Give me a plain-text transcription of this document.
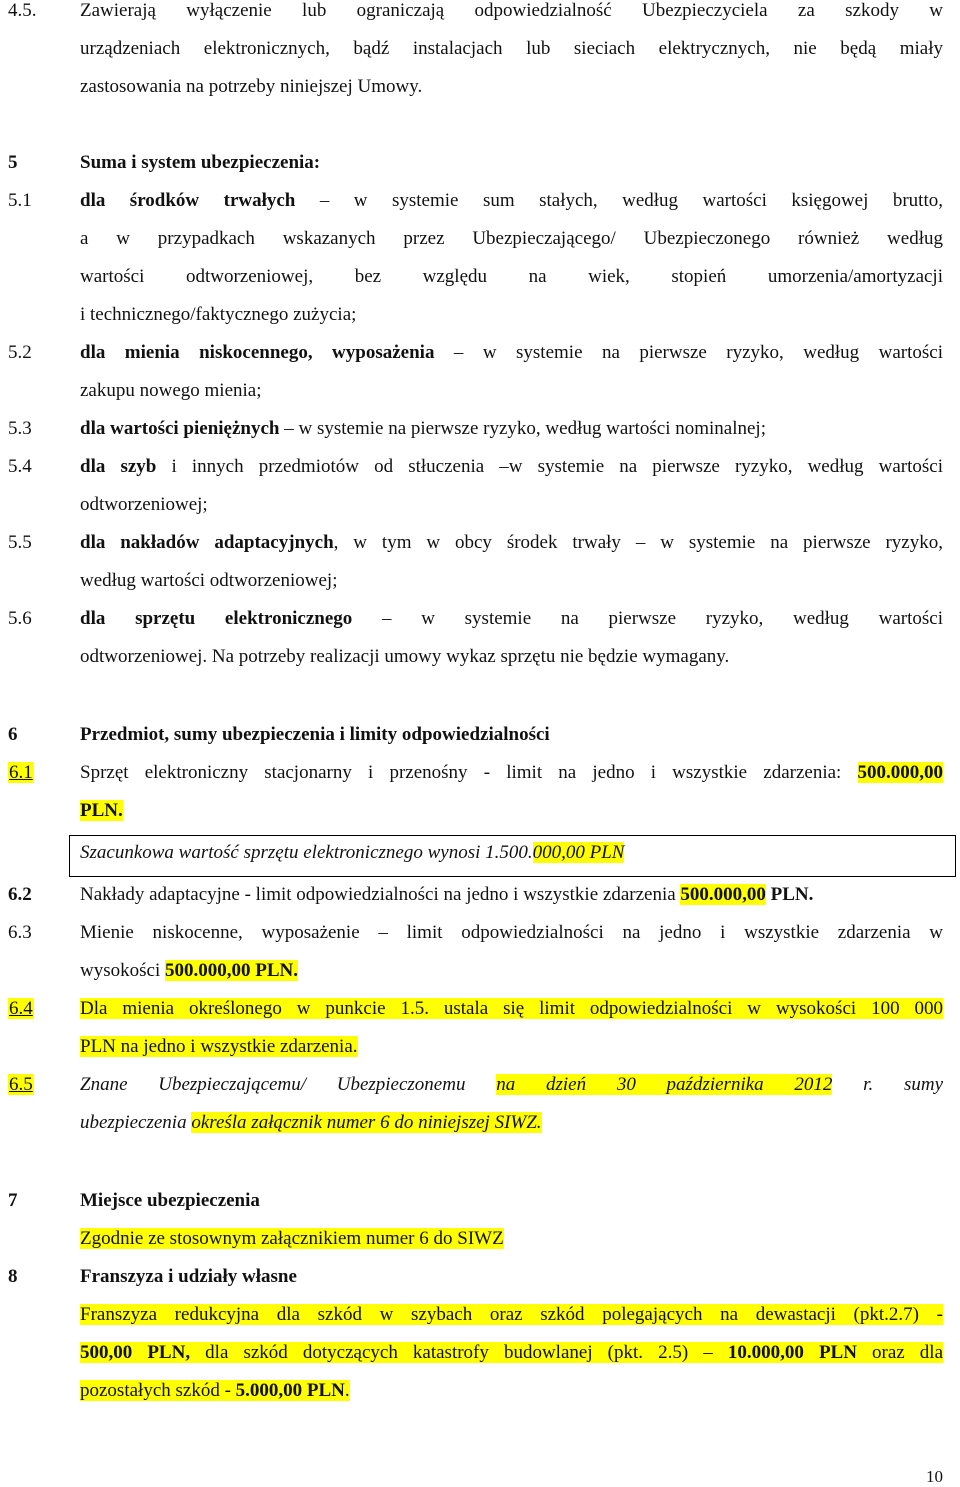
4.5. Zawierają wyłączenie lub ograniczają odpowiedzialność Ubezpieczyciela za szkody w
urządzeniach elektronicznych, bądź instalacjach lub sieciach elektrycznych, nie będą miały
zastosowania na potrzeby niniejszej Umowy.
5	Suma i system ubezpieczenia:
5.1	dla środków trwałych – w systemie sum stałych, według wartości księgowej brutto,
a w przypadkach wskazanych przez Ubezpieczającego/ Ubezpieczonego również według
wartości odtworzeniowej, bez względu na wiek, stopień umorzenia/amortyzacji
i technicznego/faktycznego zużycia;
5.2	dla mienia niskocennego, wyposażenia – w systemie na pierwsze ryzyko, według wartości
zakupu nowego mienia;
5.3	dla wartości pieniężnych – w systemie na pierwsze ryzyko, według wartości nominalnej;
5.4	dla szyb i innych przedmiotów od stłuczenia –w systemie na pierwsze ryzyko, według wartości
odtworzeniowej;
5.5	dla nakładów adaptacyjnych, w tym w obcy środek trwały – w systemie na pierwsze ryzyko,
według wartości odtworzeniowej;
5.6	dla sprzętu elektronicznego – w systemie na pierwsze ryzyko, według wartości
odtworzeniowej. Na potrzeby realizacji umowy wykaz sprzętu nie będzie wymagany.
6	Przedmiot, sumy ubezpieczenia i limity odpowiedzialności
6.1 Sprzęt elektroniczny stacjonarny i przenośny - limit na jedno i wszystkie zdarzenia: 500.000,00
PLN.
Szacunkowa wartość sprzętu elektronicznego wynosi 1.500.000,00 PLN
6.2	Nakłady adaptacyjne - limit odpowiedzialności na jedno i wszystkie zdarzenia 500.000,00 PLN.
6.3	Mienie niskocenne, wyposażenie – limit odpowiedzialności na jedno i wszystkie zdarzenia w
wysokości 500.000,00 PLN.
6.4 Dla mienia określonego w punkcie 1.5. ustala się limit odpowiedzialności w wysokości 100 000
PLN na jedno i wszystkie zdarzenia.
6.5 Znane Ubezpieczającemu/ Ubezpieczonemu na dzień 30 października 2012 r. sumy
ubezpieczenia określa załącznik numer 6 do niniejszej SIWZ.
7	Miejsce ubezpieczenia
Zgodnie ze stosownym załącznikiem numer 6 do SIWZ
8	Franszyza i udziały własne
Franszyza redukcyjna dla szkód w szybach oraz szkód polegających na dewastacji (pkt.2.7) -
500,00 PLN, dla szkód dotyczących katastrofy budowlanej (pkt. 2.5) – 10.000,00 PLN oraz dla
pozostałych szkód - 5.000,00 PLN.
10
